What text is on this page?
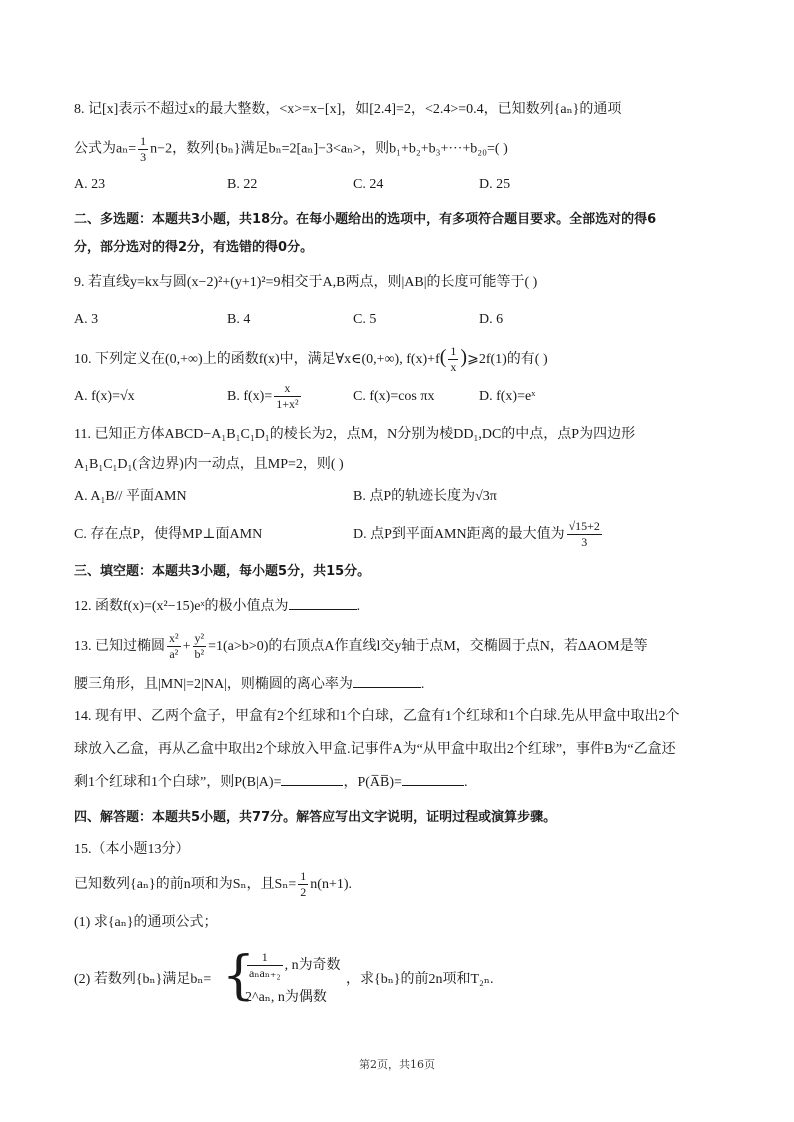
8. 记[x]表示不超过x的最大整数，<x>=x−[x]，如[2.4]=2，<2.4>=0.4，已知数列{aₙ}的通项
公式为$a_n= \frac{1}{3} n-2$，数列{bₙ}满足bₙ=2[aₙ]−3<aₙ>，则b₁+b₂+b₃+···+b₂₀=( )
A. 23	B. 22	C. 24	D. 25
二、多选题：本题共3小题，共18分。在每小题给出的选项中，有多项符合题目要求。全部选对的得6
分，部分选对的得2分，有选错的得0分。
9. 若直线y=kx与圆(x−2)²+(y+1)²=9相交于A,B两点，则|AB|的长度可能等于( )
A. 3	B. 4	C. 5	D. 6
10. 下列定义在(0,+∞)上的函数f(x)中，满足∀x∈(0,+∞), $f(x)+f( \frac{1}{x}$ )⩾2f(1)的有( )
A. f(x)=√x	B. $f(x)= \frac{x}{\text{1+x²}}$	C. f(x)=cos πx	D. f(x)=eˣ
11. 已知正方体ABCD−A₁B₁C₁D₁的棱长为2，点M，N分别为棱DD₁,DC的中点，点P为四边形
A₁B₁C₁D₁(含边界)内一动点，且MP=2，则( )
A. A₁B// 平面AMN	B. 点P的轨迹长度为√3π
C. 存在点P，使得MP⊥面AMN	D. 点P到平面AMN距离的最大值为 $\frac{√15+2}{3}$
三、填空题：本题共3小题，每小题5分，共15分。
12. 函数f(x)=(x²−15)eˣ的极小值点为	.
13. 已知过椭圆 $\frac{\text{x²}}{\text{a²}} + \frac{\text{y²}}{\text{b²}} =1(a>b>0)$的右顶点A作直线l交y轴于点M，交椭圆于点N，若ΔAOM是等
腰三角形，且|MN|=2|NA|，则椭圆的离心率为	.
14. 现有甲、乙两个盒子，甲盒有2个红球和1个白球，乙盒有1个红球和1个白球.先从甲盒中取出2个
球放入乙盒，再从乙盒中取出2个球放入甲盒.记事件A为“从甲盒中取出2个红球”，事件B为“乙盒还
剩1个红球和1个白球”，则P(B|A)=	，P(A̅B̅)=	.
四、解答题：本题共5小题，共77分。解答应写出文字说明，证明过程或演算步骤。
15.（本小题13分）
已知数列{aₙ}的前n项和为Sₙ，且$S_n= \frac{1}{2} n(n+1)$.
(1) 求{aₙ}的通项公式；
(2) 若数列{bₙ}满足bₙ= {
$\frac{1}{\text{aₙaₙ₊₂}}$ , n为奇数
2^aₙ, n为偶数
，求{bₙ}的前2n项和T₂ₙ.
第2页，共16页
